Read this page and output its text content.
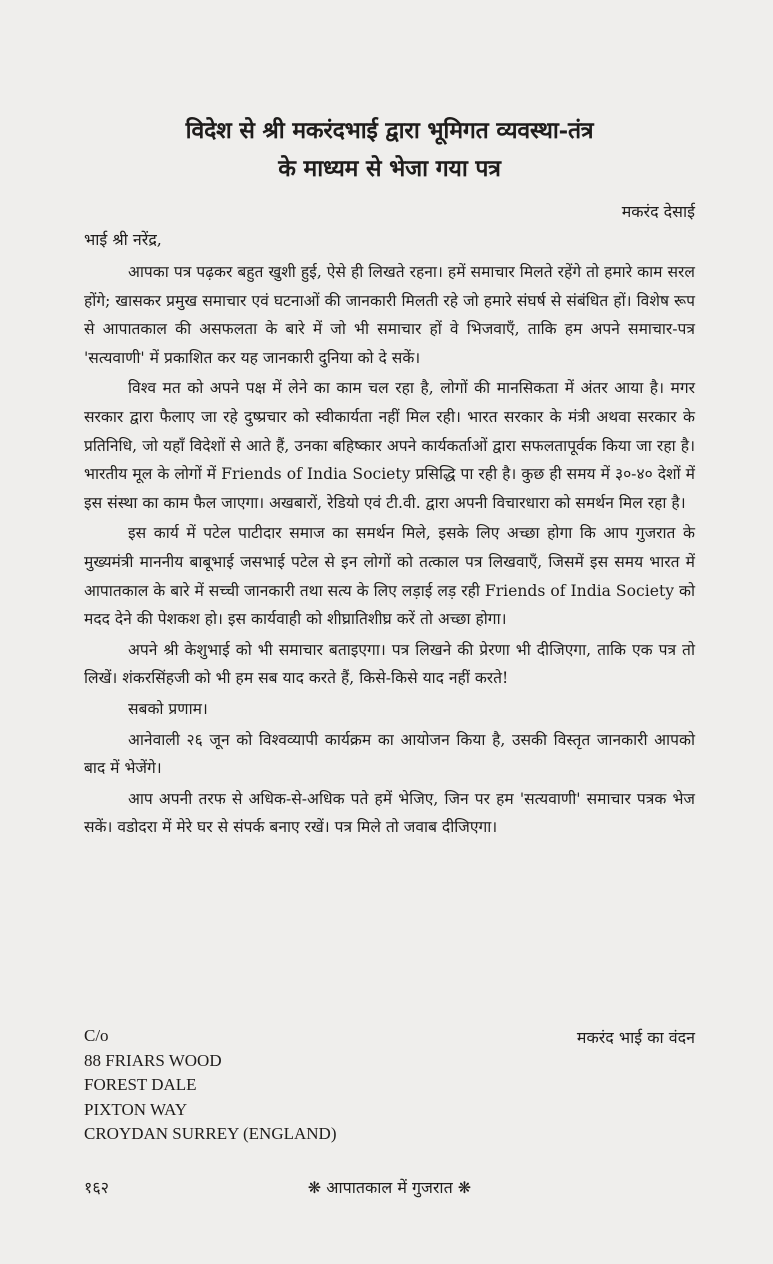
विदेश से श्री मकरंदभाई द्वारा भूमिगत व्यवस्था-तंत्र
के माध्यम से भेजा गया पत्र
मकरंद देसाई
भाई श्री नरेंद्र,

आपका पत्र पढ़कर बहुत खुशी हुई, ऐसे ही लिखते रहना। हमें समाचार मिलते रहेंगे तो हमारे काम सरल होंगे; खासकर प्रमुख समाचार एवं घटनाओं की जानकारी मिलती रहे जो हमारे संघर्ष से संबंधित हों। विशेष रूप से आपातकाल की असफलता के बारे में जो भी समाचार हों वे भिजवाएँ, ताकि हम अपने समाचार-पत्र 'सत्यवाणी' में प्रकाशित कर यह जानकारी दुनिया को दे सकें।

विश्व मत को अपने पक्ष में लेने का काम चल रहा है, लोगों की मानसिकता में अंतर आया है। मगर सरकार द्वारा फैलाए जा रहे दुष्प्रचार को स्वीकार्यता नहीं मिल रही। भारत सरकार के मंत्री अथवा सरकार के प्रतिनिधि, जो यहाँ विदेशों से आते हैं, उनका बहिष्कार अपने कार्यकर्ताओं द्वारा सफलतापूर्वक किया जा रहा है। भारतीय मूल के लोगों में Friends of India Society प्रसिद्धि पा रही है। कुछ ही समय में ३०-४० देशों में इस संस्था का काम फैल जाएगा। अखबारों, रेडियो एवं टी.वी. द्वारा अपनी विचारधारा को समर्थन मिल रहा है।

इस कार्य में पटेल पाटीदार समाज का समर्थन मिले, इसके लिए अच्छा होगा कि आप गुजरात के मुख्यमंत्री माननीय बाबूभाई जसभाई पटेल से इन लोगों को तत्काल पत्र लिखवाएँ, जिसमें इस समय भारत में आपातकाल के बारे में सच्ची जानकारी तथा सत्य के लिए लड़ाई लड़ रही Friends of India Society को मदद देने की पेशकश हो। इस कार्यवाही को शीघ्रातिशीघ्र करें तो अच्छा होगा।

अपने श्री केशुभाई को भी समाचार बताइएगा। पत्र लिखने की प्रेरणा भी दीजिएगा, ताकि एक पत्र तो लिखें। शंकरसिंहजी को भी हम सब याद करते हैं, किसे-किसे याद नहीं करते!

सबको प्रणाम।

आनेवाली २६ जून को विश्वव्यापी कार्यक्रम का आयोजन किया है, उसकी विस्तृत जानकारी आपको बाद में भेजेंगे।

आप अपनी तरफ से अधिक-से-अधिक पते हमें भेजिए, जिन पर हम 'सत्यवाणी' समाचार पत्रक भेज सकें। वडोदरा में मेरे घर से संपर्क बनाए रखें। पत्र मिले तो जवाब दीजिएगा।

C/o
88 FRIARS WOOD
FOREST DALE
PIXTON WAY
CROYDAN SURREY (ENGLAND)
मकरंद भाई का वंदन
१६२	❋ आपातकाल में गुजरात ❋
